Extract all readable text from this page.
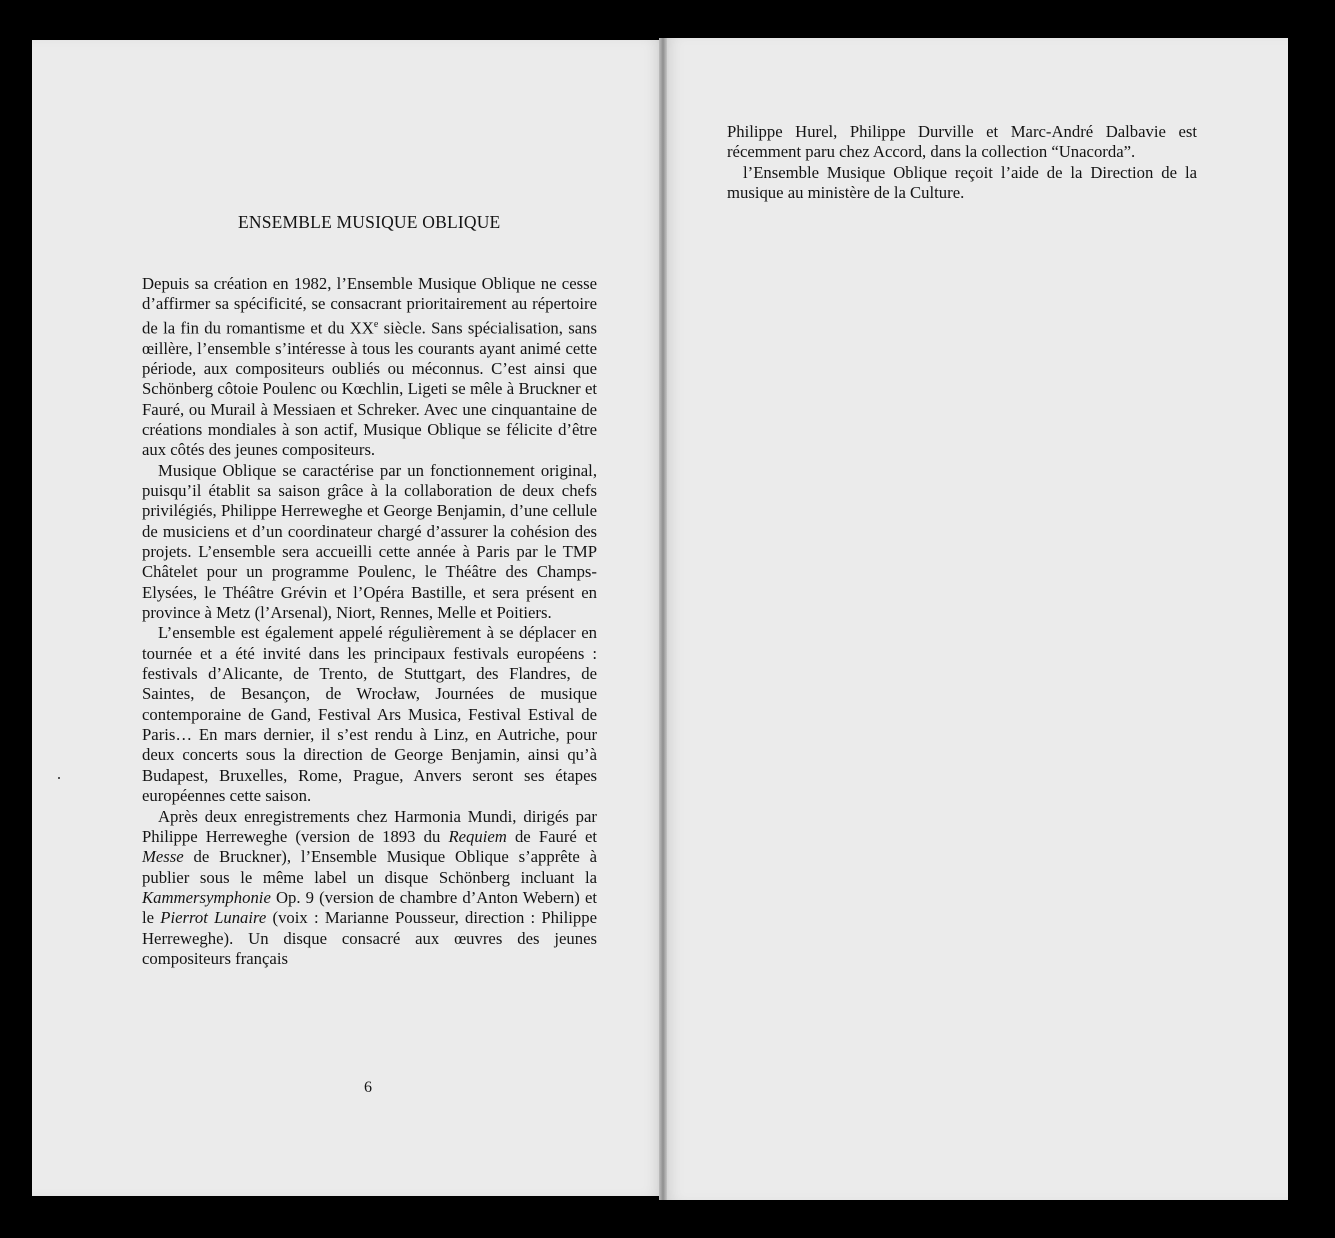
ENSEMBLE MUSIQUE OBLIQUE

Depuis sa création en 1982, l’Ensemble Musique Oblique ne cesse d’affirmer sa spécificité, se consacrant prioritairement au répertoire de la fin du romantisme et du XXe siècle. Sans spécialisation, sans œillère, l’ensemble s’intéresse à tous les courants ayant animé cette période, aux compositeurs oubliés ou méconnus. C’est ainsi que Schönberg côtoie Poulenc ou Kœchlin, Ligeti se mêle à Bruckner et Fauré, ou Murail à Messiaen et Schreker. Avec une cinquantaine de créations mondiales à son actif, Musique Oblique se félicite d’être aux côtés des jeunes compositeurs.

Musique Oblique se caractérise par un fonctionnement original, puisqu’il établit sa saison grâce à la collaboration de deux chefs privilégiés, Philippe Herreweghe et George Benjamin, d’une cellule de musiciens et d’un coordinateur chargé d’assurer la cohésion des projets. L’ensemble sera accueilli cette année à Paris par le TMP Châtelet pour un programme Poulenc, le Théâtre des Champs-Elysées, le Théâtre Grévin et l’Opéra Bastille, et sera présent en province à Metz (l’Arsenal), Niort, Rennes, Melle et Poitiers.

L’ensemble est également appelé régulièrement à se déplacer en tournée et a été invité dans les principaux festivals européens : festivals d’Alicante, de Trento, de Stuttgart, des Flandres, de Saintes, de Besançon, de Wrocław, Journées de musique contemporaine de Gand, Festival Ars Musica, Festival Estival de Paris… En mars dernier, il s’est rendu à Linz, en Autriche, pour deux concerts sous la direction de George Benjamin, ainsi qu’à Budapest, Bruxelles, Rome, Prague, Anvers seront ses étapes européennes cette saison.

Après deux enregistrements chez Harmonia Mundi, dirigés par Philippe Herreweghe (version de 1893 du Requiem de Fauré et Messe de Bruckner), l’Ensemble Musique Oblique s’apprête à publier sous le même label un disque Schönberg incluant la Kammersymphonie Op. 9 (version de chambre d’Anton Webern) et le Pierrot Lunaire (voix : Marianne Pousseur, direction : Philippe Herreweghe). Un disque consacré aux œuvres des jeunes compositeurs français

6

Philippe Hurel, Philippe Durville et Marc-André Dalbavie est récemment paru chez Accord, dans la collection “Unacorda”.

l’Ensemble Musique Oblique reçoit l’aide de la Direction de la musique au ministère de la Culture.
